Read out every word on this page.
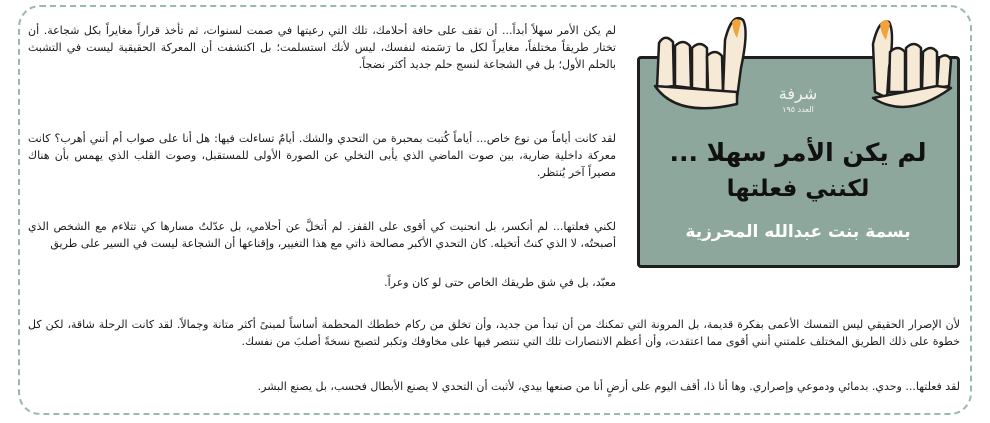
لم يكن الأمر سهلاً أبداً... أن تقف على حافة أحلامك، تلك التي رعيتها في صمت لسنوات، ثم تأخذ قراراً مغايراً بكل شجاعة. أن تختار طريقاً مختلفاً، مغايراً لكل ما رَسَمته لنفسك، ليس لأنك استسلمت؛ بل اكتشفت أن المعركة الحقيقية ليست في التشبث بالحلم الأول؛ بل في الشجاعة لنسج حلم جديد أكثر نضجاً.

لقد كانت أياماً من نوع خاص... أياماً كُتبت بمحبرة من التحدي والشك. أيامٌ تساءلت فيها: هل أنا على صواب أم أنني أهرب؟ كانت معركة داخلية ضارية، بين صوت الماضي الذي يأبى التخلي عن الصورة الأولى للمستقبل، وصوت القلب الذي يهمس بأن هناك مصيراً آخر يُنتظر.

لكني فعلتها... لم أنكسر، بل انحنيت كي أقوى على القفز. لم أتخلَّ عن أحلامي، بل عدّلتُ مسارها كي تتلاءم مع الشخص الذي أصبحتُه، لا الذي كنتُ أتخيله. كان التحدي الأكبر مصالحة ذاتي مع هذا التغيير، وإقناعها أن الشجاعة ليست في السير على طريق

معبّد، بل في شق طريقك الخاص حتى لو كان وعراً.

لأن الإصرار الحقيقي ليس التمسك الأعمى بفكرة قديمة، بل المرونة التي تمكنك من أن تبدأ من جديد، وأن تخلق من ركام خططك المحطمة أساساً لمبنىً أكثر متانة وجمالاً. لقد كانت الرحلة شاقة، لكن كل خطوة على ذلك الطريق المختلف علمتني أنني أقوى مما اعتقدت، وأن أعظم الانتصارات تلك التي تنتصر فيها على مخاوفك وتكبر لتصبح نسخةً أصلبَ من نفسك.

لقد فعلتها... وحدي. بدمائي ودموعي وإصراري. وها أنا ذا، أقف اليوم على أرضٍ أنا من صنعها بيدي، لأثبت أن التحدي لا يصنع الأبطال فحسب، بل يصنع البشر.

شرفة
العدد ١٩٥
لم يكن الأمر سهلا ...
لكنني فعلتها
بسمة بنت عبدالله المحرزية
